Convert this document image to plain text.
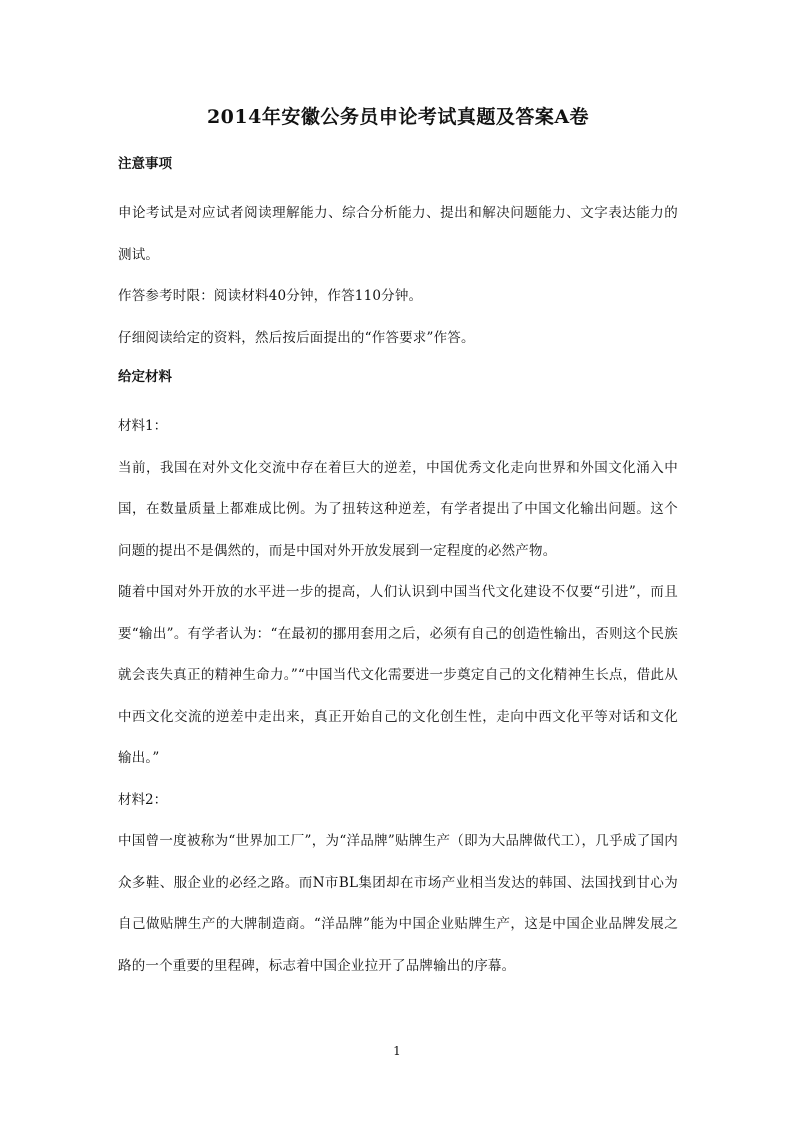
2014年安徽公务员申论考试真题及答案A卷
注意事项

申论考试是对应试者阅读理解能力、综合分析能力、提出和解决问题能力、文字表达能力的测试。

作答参考时限：阅读材料40分钟，作答110分钟。

仔细阅读给定的资料，然后按后面提出的“作答要求”作答。

给定材料

材料1：

当前，我国在对外文化交流中存在着巨大的逆差，中国优秀文化走向世界和外国文化涌入中国，在数量质量上都难成比例。为了扭转这种逆差，有学者提出了中国文化输出问题。这个问题的提出不是偶然的，而是中国对外开放发展到一定程度的必然产物。

随着中国对外开放的水平进一步的提高，人们认识到中国当代文化建设不仅要“引进”，而且要“输出”。有学者认为：“在最初的挪用套用之后，必须有自己的创造性输出，否则这个民族就会丧失真正的精神生命力。”“中国当代文化需要进一步奠定自己的文化精神生长点，借此从中西文化交流的逆差中走出来，真正开始自己的文化创生性，走向中西文化平等对话和文化输出。”

材料2：

中国曾一度被称为“世界加工厂”，为“洋品牌”贴牌生产（即为大品牌做代工），几乎成了国内众多鞋、服企业的必经之路。而N市BL集团却在市场产业相当发达的韩国、法国找到甘心为自己做贴牌生产的大牌制造商。“洋品牌”能为中国企业贴牌生产，这是中国企业品牌发展之路的一个重要的里程碑，标志着中国企业拉开了品牌输出的序幕。

1
